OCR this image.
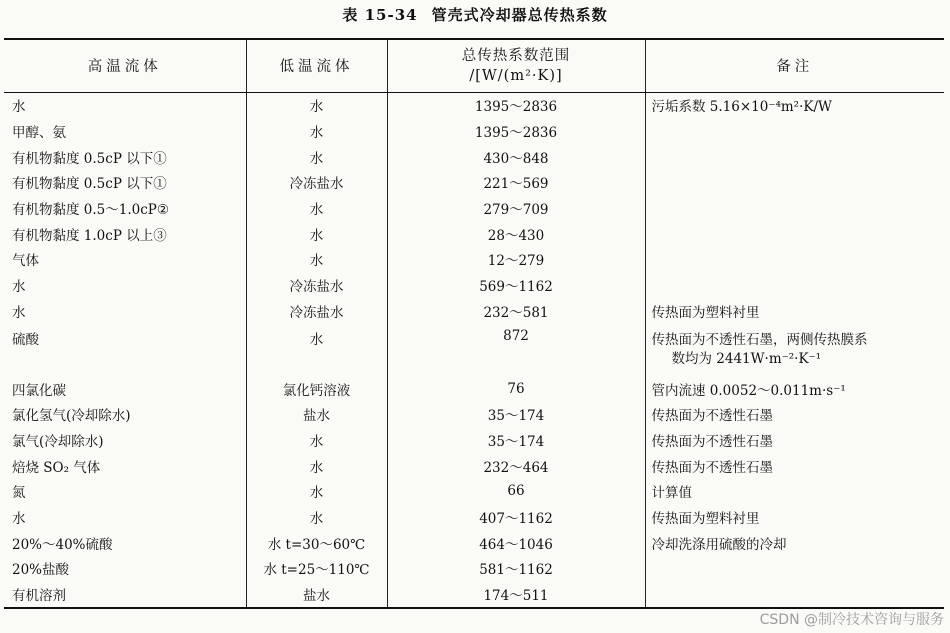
表 15-34 管壳式冷却器总传热系数
高温流体	低温流体	总传热系数范围
/[W/(m²·K)]	备注
水	水	1395～2836	污垢系数 5.16×10⁻⁴m²·K/W
甲醇、氨	水	1395～2836	
有机物黏度 0.5cP 以下①	水	430～848	
有机物黏度 0.5cP 以下①	冷冻盐水	221～569	
有机物黏度 0.5～1.0cP②	水	279～709	
有机物黏度 1.0cP 以上③	水	28～430	
气体	水	12～279	
水	冷冻盐水	569～1162	
水	冷冻盐水	232～581	传热面为塑料衬里
硫酸	水	872	传热面为不透性石墨，两侧传热膜系
数均为 2441W·m⁻²·K⁻¹

四氯化碳	氯化钙溶液	76	管内流速 0.0052～0.011m·s⁻¹
氯化氢气(冷却除水)	盐水	35～174	传热面为不透性石墨
氯气(冷却除水)	水	35～174	传热面为不透性石墨
焙烧 SO₂ 气体	水	232～464	传热面为不透性石墨
氮	水	66	计算值
水	水	407～1162	传热面为塑料衬里
20%～40%硫酸	水 t=30～60℃	464～1046	冷却洗涤用硫酸的冷却
20%盐酸	水 t=25～110℃	581～1162	
有机溶剂	盐水	174～511	
CSDN @制冷技术咨询与服务
